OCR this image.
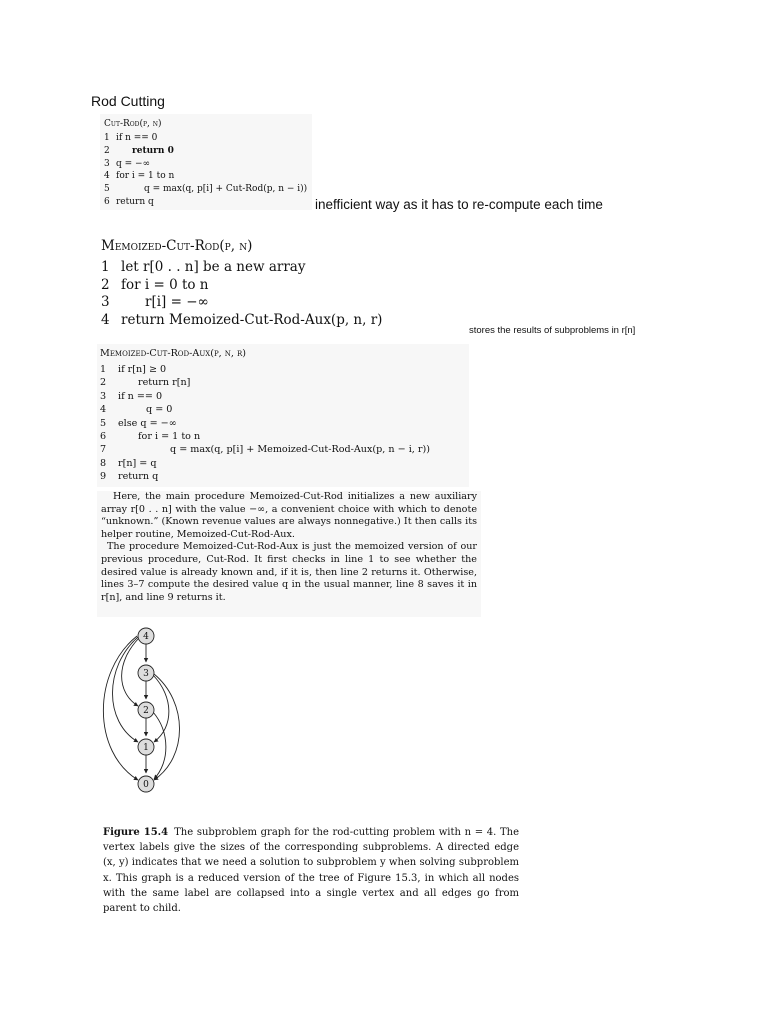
Rod Cutting
Cut-Rod(p, n)
1 if n == 0
2	return 0
3 q = −∞
4 for i = 1 to n
5	q = max(q, p[i] + Cut-Rod(p, n − i))
6 return q	inefficient way as it has to re-compute each time
Memoized-Cut-Rod(p, n)
1 let r[0 . . n] be a new array
2 for i = 0 to n
3	r[i] = −∞
4 return Memoized-Cut-Rod-Aux(p, n, r)
stores the results of subproblems in r[n]
Memoized-Cut-Rod-Aux(p, n, r)
1	if r[n] ≥ 0
2	return r[n]
3	if n == 0
4	q = 0
5	else q = −∞
6	for i = 1 to n
7	q = max(q, p[i] + Memoized-Cut-Rod-Aux(p, n − i, r))
8	r[n] = q
9	return q

Here, the main procedure Memoized-Cut-Rod initializes a new auxiliary array r[0 . . n] with the value −∞, a convenient choice with which to denote “unknown.” (Known revenue values are always nonnegative.) It then calls its helper routine, Memoized-Cut-Rod-Aux.

The procedure Memoized-Cut-Rod-Aux is just the memoized version of our previous procedure, Cut-Rod. It first checks in line 1 to see whether the desired value is already known and, if it is, then line 2 returns it. Otherwise, lines 3–7 compute the desired value q in the usual manner, line 8 saves it in r[n], and line 9 returns it.

4
3
2
1
0
Figure 15.4 The subproblem graph for the rod-cutting problem with n = 4. The vertex labels give the sizes of the corresponding subproblems. A directed edge (x, y) indicates that we need a solution to subproblem y when solving subproblem x. This graph is a reduced version of the tree of Figure 15.3, in which all nodes with the same label are collapsed into a single vertex and all edges go from parent to child.
